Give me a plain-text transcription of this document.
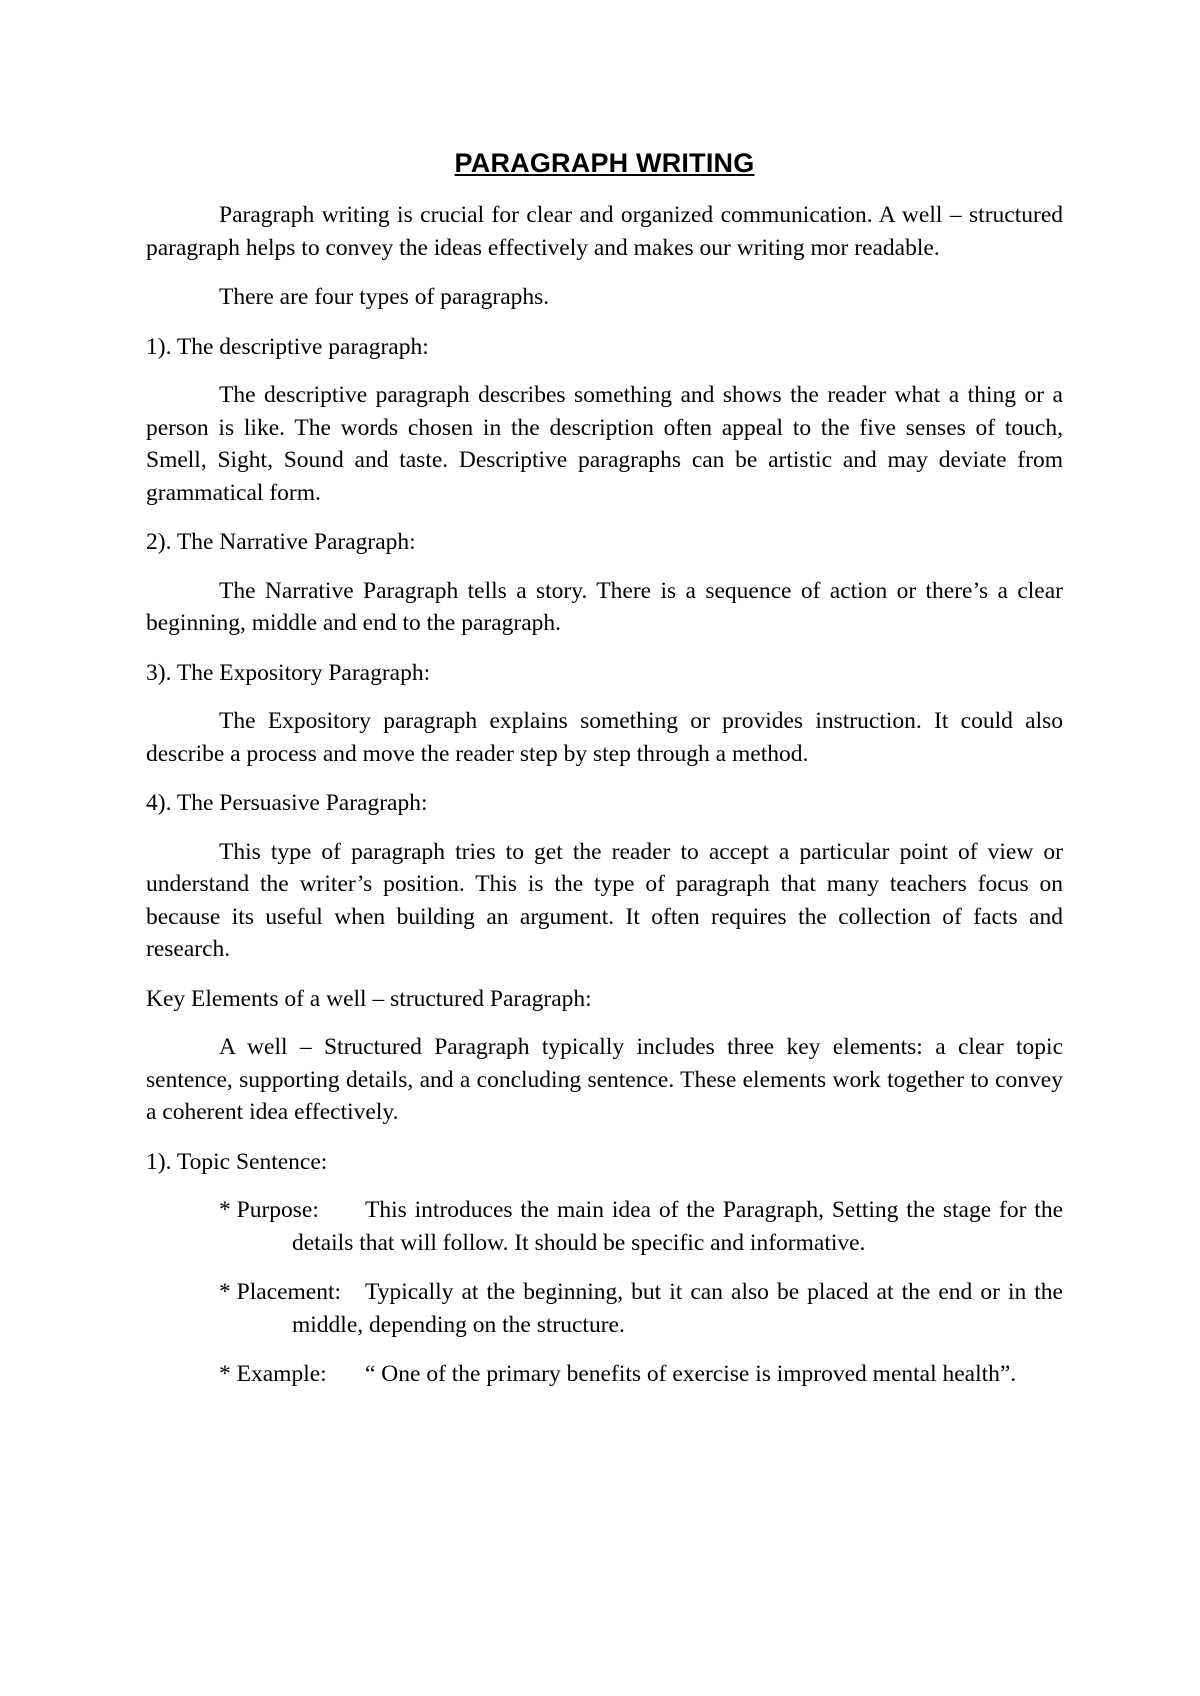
PARAGRAPH WRITING

Paragraph writing is crucial for clear and organized communication. A well – structured paragraph helps to convey the ideas effectively and makes our writing mor readable.

There are four types of paragraphs.

1). The descriptive paragraph:

The descriptive paragraph describes something and shows the reader what a thing or a person is like. The words chosen in the description often appeal to the five senses of touch, Smell, Sight, Sound and taste. Descriptive paragraphs can be artistic and may deviate from grammatical form.

2). The Narrative Paragraph:

The Narrative Paragraph tells a story. There is a sequence of action or there’s a clear beginning, middle and end to the paragraph.

3). The Expository Paragraph:

The Expository paragraph explains something or provides instruction. It could also describe a process and move the reader step by step through a method.

4). The Persuasive Paragraph:

This type of paragraph tries to get the reader to accept a particular point of view or understand the writer’s position. This is the type of paragraph that many teachers focus on because its useful when building an argument. It often requires the collection of facts and research.

Key Elements of a well – structured Paragraph:

A well – Structured Paragraph typically includes three key elements: a clear topic sentence, supporting details, and a concluding sentence. These elements work together to convey a coherent idea effectively.

1). Topic Sentence:

* Purpose: This introduces the main idea of the Paragraph, Setting the stage for the details that will follow. It should be specific and informative.
* Placement: Typically at the beginning, but it can also be placed at the end or in the middle, depending on the structure.
* Example:	“ One of the primary benefits of exercise is improved mental health”.
